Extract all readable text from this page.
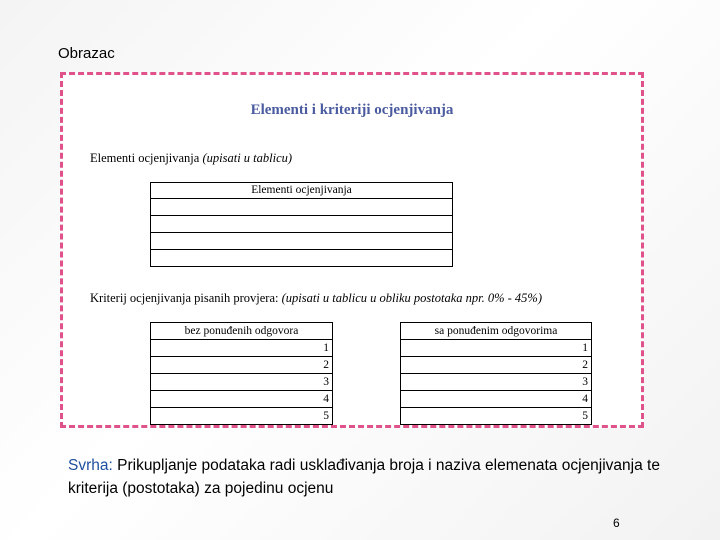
Obrazac
Elementi i kriteriji ocjenjivanja
Elementi ocjenjivanja (upisati u tablicu)
Elementi ocjenjivanja

Kriterij ocjenjivanja pisanih provjera: (upisati u tablicu u obliku postotaka npr. 0% - 45%)
bez ponuđenih odgovora
1
2
3
4
5
sa ponuđenim odgovorima
1
2
3
4
5
Svrha: Prikupljanje podataka radi usklađivanja broja i naziva elemenata ocjenjivanja te kriterija (postotaka) za pojedinu ocjenu
6
